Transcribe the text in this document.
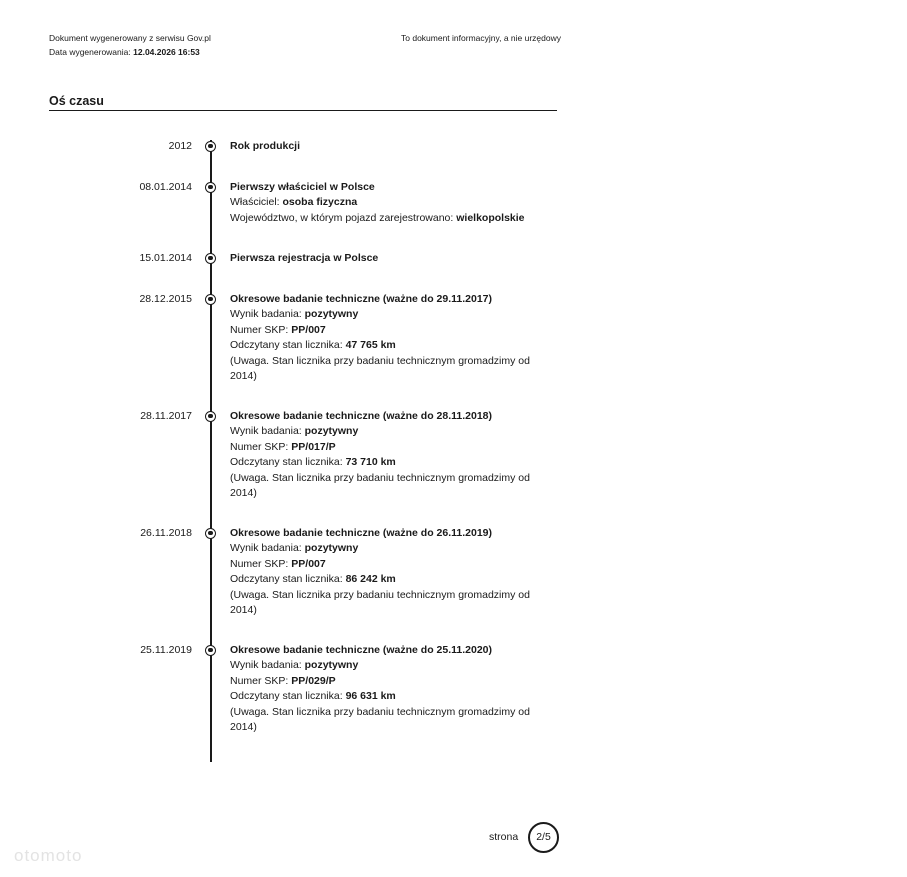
Dokument wygenerowany z serwisu Gov.pl
Data wygenerowania: 12.04.2026 16:53
To dokument informacyjny, a nie urzędowy
Oś czasu
2012	Rok produkcji
08.01.2014	Pierwszy właściciel w Polsce
Właściciel: osoba fizyczna
Województwo, w którym pojazd zarejestrowano: wielkopolskie
15.01.2014	Pierwsza rejestracja w Polsce
28.12.2015	Okresowe badanie techniczne (ważne do 29.11.2017)
Wynik badania: pozytywny
Numer SKP: PP/007
Odczytany stan licznika: 47 765 km
(Uwaga. Stan licznika przy badaniu technicznym gromadzimy od 2014)
28.11.2017	Okresowe badanie techniczne (ważne do 28.11.2018)
Wynik badania: pozytywny
Numer SKP: PP/017/P
Odczytany stan licznika: 73 710 km
(Uwaga. Stan licznika przy badaniu technicznym gromadzimy od 2014)
26.11.2018	Okresowe badanie techniczne (ważne do 26.11.2019)
Wynik badania: pozytywny
Numer SKP: PP/007
Odczytany stan licznika: 86 242 km
(Uwaga. Stan licznika przy badaniu technicznym gromadzimy od 2014)
25.11.2019	Okresowe badanie techniczne (ważne do 25.11.2020)
Wynik badania: pozytywny
Numer SKP: PP/029/P
Odczytany stan licznika: 96 631 km
(Uwaga. Stan licznika przy badaniu technicznym gromadzimy od 2014)
strona	2/5
otomoto
